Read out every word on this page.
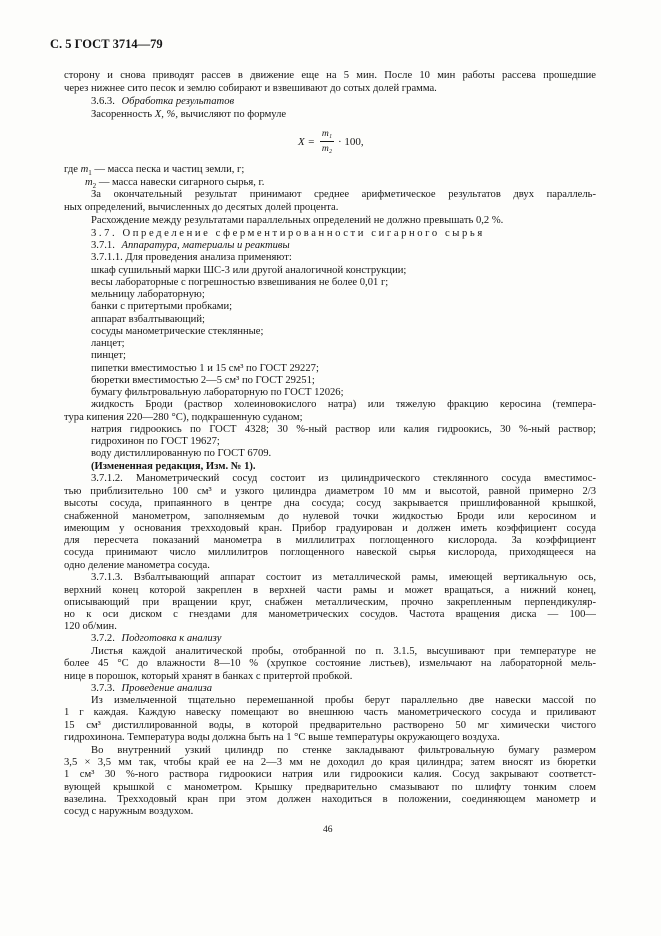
С. 5 ГОСТ 3714—79
сторону и снова приводят рассев в движение еще на 5 мин. После 10 мин работы рассева прошедшие
через нижнее сито песок и землю собирают и взвешивают до сотых долей грамма.
3.6.3. Обработка результатов
Засоренность X, %, вычисляют по формуле
X =
m₁
m₂
· 100,
где $m_1$ — масса песка и частиц земли, г;
$m_2$ — масса навески сигарного сырья, г.
За окончательный результат принимают среднее арифметическое результатов двух параллель-
ных определений, вычисленных до десятых долей процента.
Расхождение между результатами параллельных определений не должно превышать 0,2 %.
3.7. Определение сферментированности сигарного сырья
3.7.1. Аппаратура, материалы и реактивы
3.7.1.1. Для проведения анализа применяют:
шкаф сушильный марки ШС-3 или другой аналогичной конструкции;
весы лабораторные с погрешностью взвешивания не более 0,01 г;
мельницу лабораторную;
банки с притертыми пробками;
аппарат взбалтывающий;
сосуды манометрические стеклянные;
ланцет;
пинцет;
пипетки вместимостью 1 и 15 см³ по ГОСТ 29227;
бюретки вместимостью 2—5 см³ по ГОСТ 29251;
бумагу фильтровальную лабораторную по ГОСТ 12026;
жидкость Броди (раствор холеиновокислого натра) или тяжелую фракцию керосина (темпера-
тура кипения 220—280 °С), подкрашенную суданом;
натрия гидроокись по ГОСТ 4328; 30 %-ный раствор или калия гидроокись, 30 %-ный раствор;
гидрохинон по ГОСТ 19627;
воду дистиллированную по ГОСТ 6709.
(Измененная редакция, Изм. № 1).
3.7.1.2. Манометрический сосуд состоит из цилиндрического стеклянного сосуда вместимос-
тью приблизительно 100 см³ и узкого цилиндра диаметром 10 мм и высотой, равной примерно 2/3
высоты сосуда, припаянного в центре дна сосуда; сосуд закрывается пришлифованной крышкой,
снабженной манометром, заполняемым до нулевой точки жидкостью Броди или керосином и
имеющим у основания трехходовый кран. Прибор градуирован и должен иметь коэффициент сосуда
для пересчета показаний манометра в миллилитрах поглощенного кислорода. За коэффициент
сосуда принимают число миллилитров поглощенного навеской сырья кислорода, приходящееся на
одно деление манометра сосуда.
3.7.1.3. Взбалтывающий аппарат состоит из металлической рамы, имеющей вертикальную ось,
верхний конец которой закреплен в верхней части рамы и может вращаться, а нижний конец,
описывающий при вращении круг, снабжен металлическим, прочно закрепленным перпендикуляр-
но к оси диском с гнездами для манометрических сосудов. Частота вращения диска — 100—
120 об/мин.
3.7.2. Подготовка к анализу
Листья каждой аналитической пробы, отобранной по п. 3.1.5, высушивают при температуре не
более 45 °С до влажности 8—10 % (хрупкое состояние листьев), измельчают на лабораторной мель-
нице в порошок, который хранят в банках с притертой пробкой.
3.7.3. Проведение анализа
Из измельченной тщательно перемешанной пробы берут параллельно две навески массой по
1 г каждая. Каждую навеску помещают во внешнюю часть манометрического сосуда и приливают
15 см³ дистиллированной воды, в которой предварительно растворено 50 мг химически чистого
гидрохинона. Температура воды должна быть на 1 °С выше температуры окружающего воздуха.
Во внутренний узкий цилиндр по стенке закладывают фильтровальную бумагу размером
3,5 × 3,5 мм так, чтобы край ее на 2—3 мм не доходил до края цилиндра; затем вносят из бюретки
1 см³ 30 %-ного раствора гидроокиси натрия или гидроокиси калия. Сосуд закрывают соответст-
вующей крышкой с манометром. Крышку предварительно смазывают по шлифту тонким слоем
вазелина. Трехходовый кран при этом должен находиться в положении, соединяющем манометр и
сосуд с наружным воздухом.
46
